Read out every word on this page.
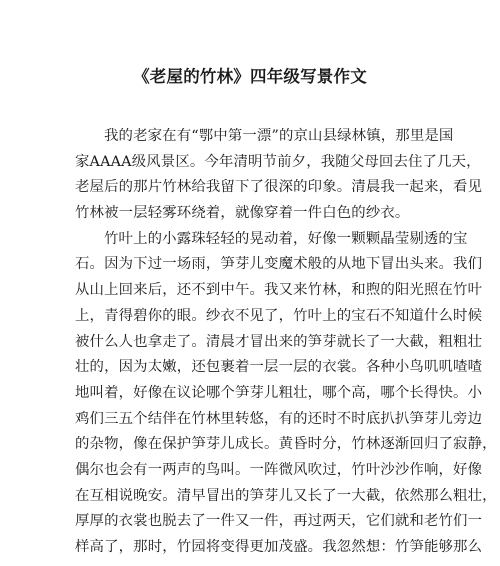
《老屋的竹林》四年级写景作文
我的老家在有“鄂中第一漂”的京山县绿林镇，那里是国
家AAAA级风景区。今年清明节前夕，我随父母回去住了几天，
老屋后的那片竹林给我留下了很深的印象。清晨我一起来，看见
竹林被一层轻雾环绕着，就像穿着一件白色的纱衣。
竹叶上的小露珠轻轻的晃动着，好像一颗颗晶莹剔透的宝
石。因为下过一场雨，笋芽儿变魔术般的从地下冒出头来。我们
从山上回来后，还不到中午。我又来竹林，和煦的阳光照在竹叶
上，青得碧你的眼。纱衣不见了，竹叶上的宝石不知道什么时候
被什么人也拿走了。清晨才冒出来的笋芽就长了一大截，粗粗壮
壮的，因为太嫩，还包裹着一层一层的衣裳。各种小鸟叽叽喳喳
地叫着，好像在议论哪个笋芽儿粗壮，哪个高，哪个长得快。小
鸡们三五个结伴在竹林里转悠，有的还时不时底扒扒笋芽儿旁边
的杂物，像在保护笋芽儿成长。黄昏时分，竹林逐渐回归了寂静，
偶尔也会有一两声的鸟叫。一阵微风吹过，竹叶沙沙作响，好像
在互相说晚安。清早冒出的笋芽儿又长了一大截，依然那么粗壮，
厚厚的衣裳也脱去了一件又一件，再过两天，它们就和老竹们一
样高了，那时，竹园将变得更加茂盛。我忽然想：竹笋能够那么
